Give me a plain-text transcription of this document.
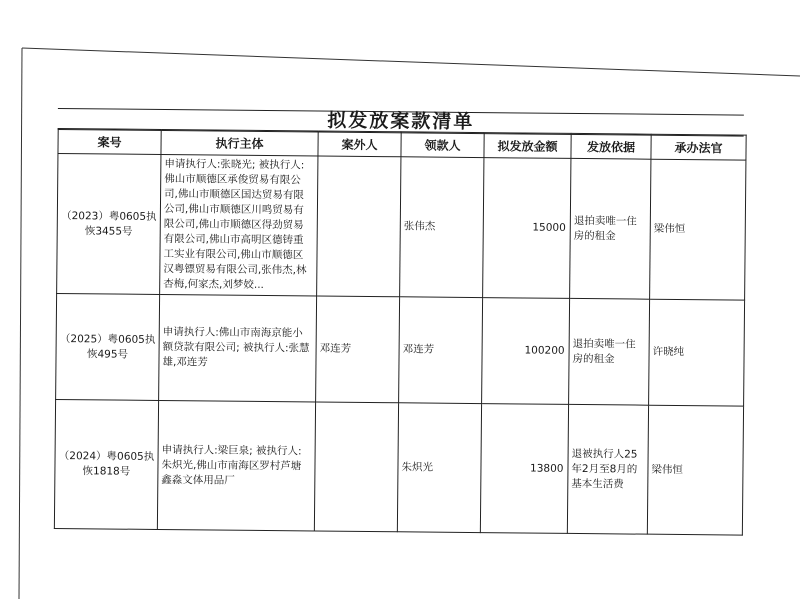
拟发放案款清单
案号	执行主体	案外人	领款人	拟发放金额	发放依据	承办法官
（2023）粤0605执恢3455号	申请执行人:张晓光; 被执行人:佛山市顺德区承俊贸易有限公司,佛山市顺德区国达贸易有限公司,佛山市顺德区川鸣贸易有限公司,佛山市顺德区得劲贸易有限公司,佛山市高明区德铸重工实业有限公司,佛山市顺德区汉粤镖贸易有限公司,张伟杰,林杏梅,何家杰,刘梦姣...		张伟杰	15000	退拍卖唯一住房的租金	梁伟恒
（2025）粤0605执恢495号	申请执行人:佛山市南海京能小额贷款有限公司; 被执行人:张慧雄,邓连芳	邓连芳	邓连芳	100200	退拍卖唯一住房的租金	许晓纯
（2024）粤0605执恢1818号	申请执行人:梁巨泉; 被执行人:朱炽光,佛山市南海区罗村芦塘鑫淼文体用品厂		朱炽光	13800	退被执行人25年2月至8月的基本生活费	梁伟恒
